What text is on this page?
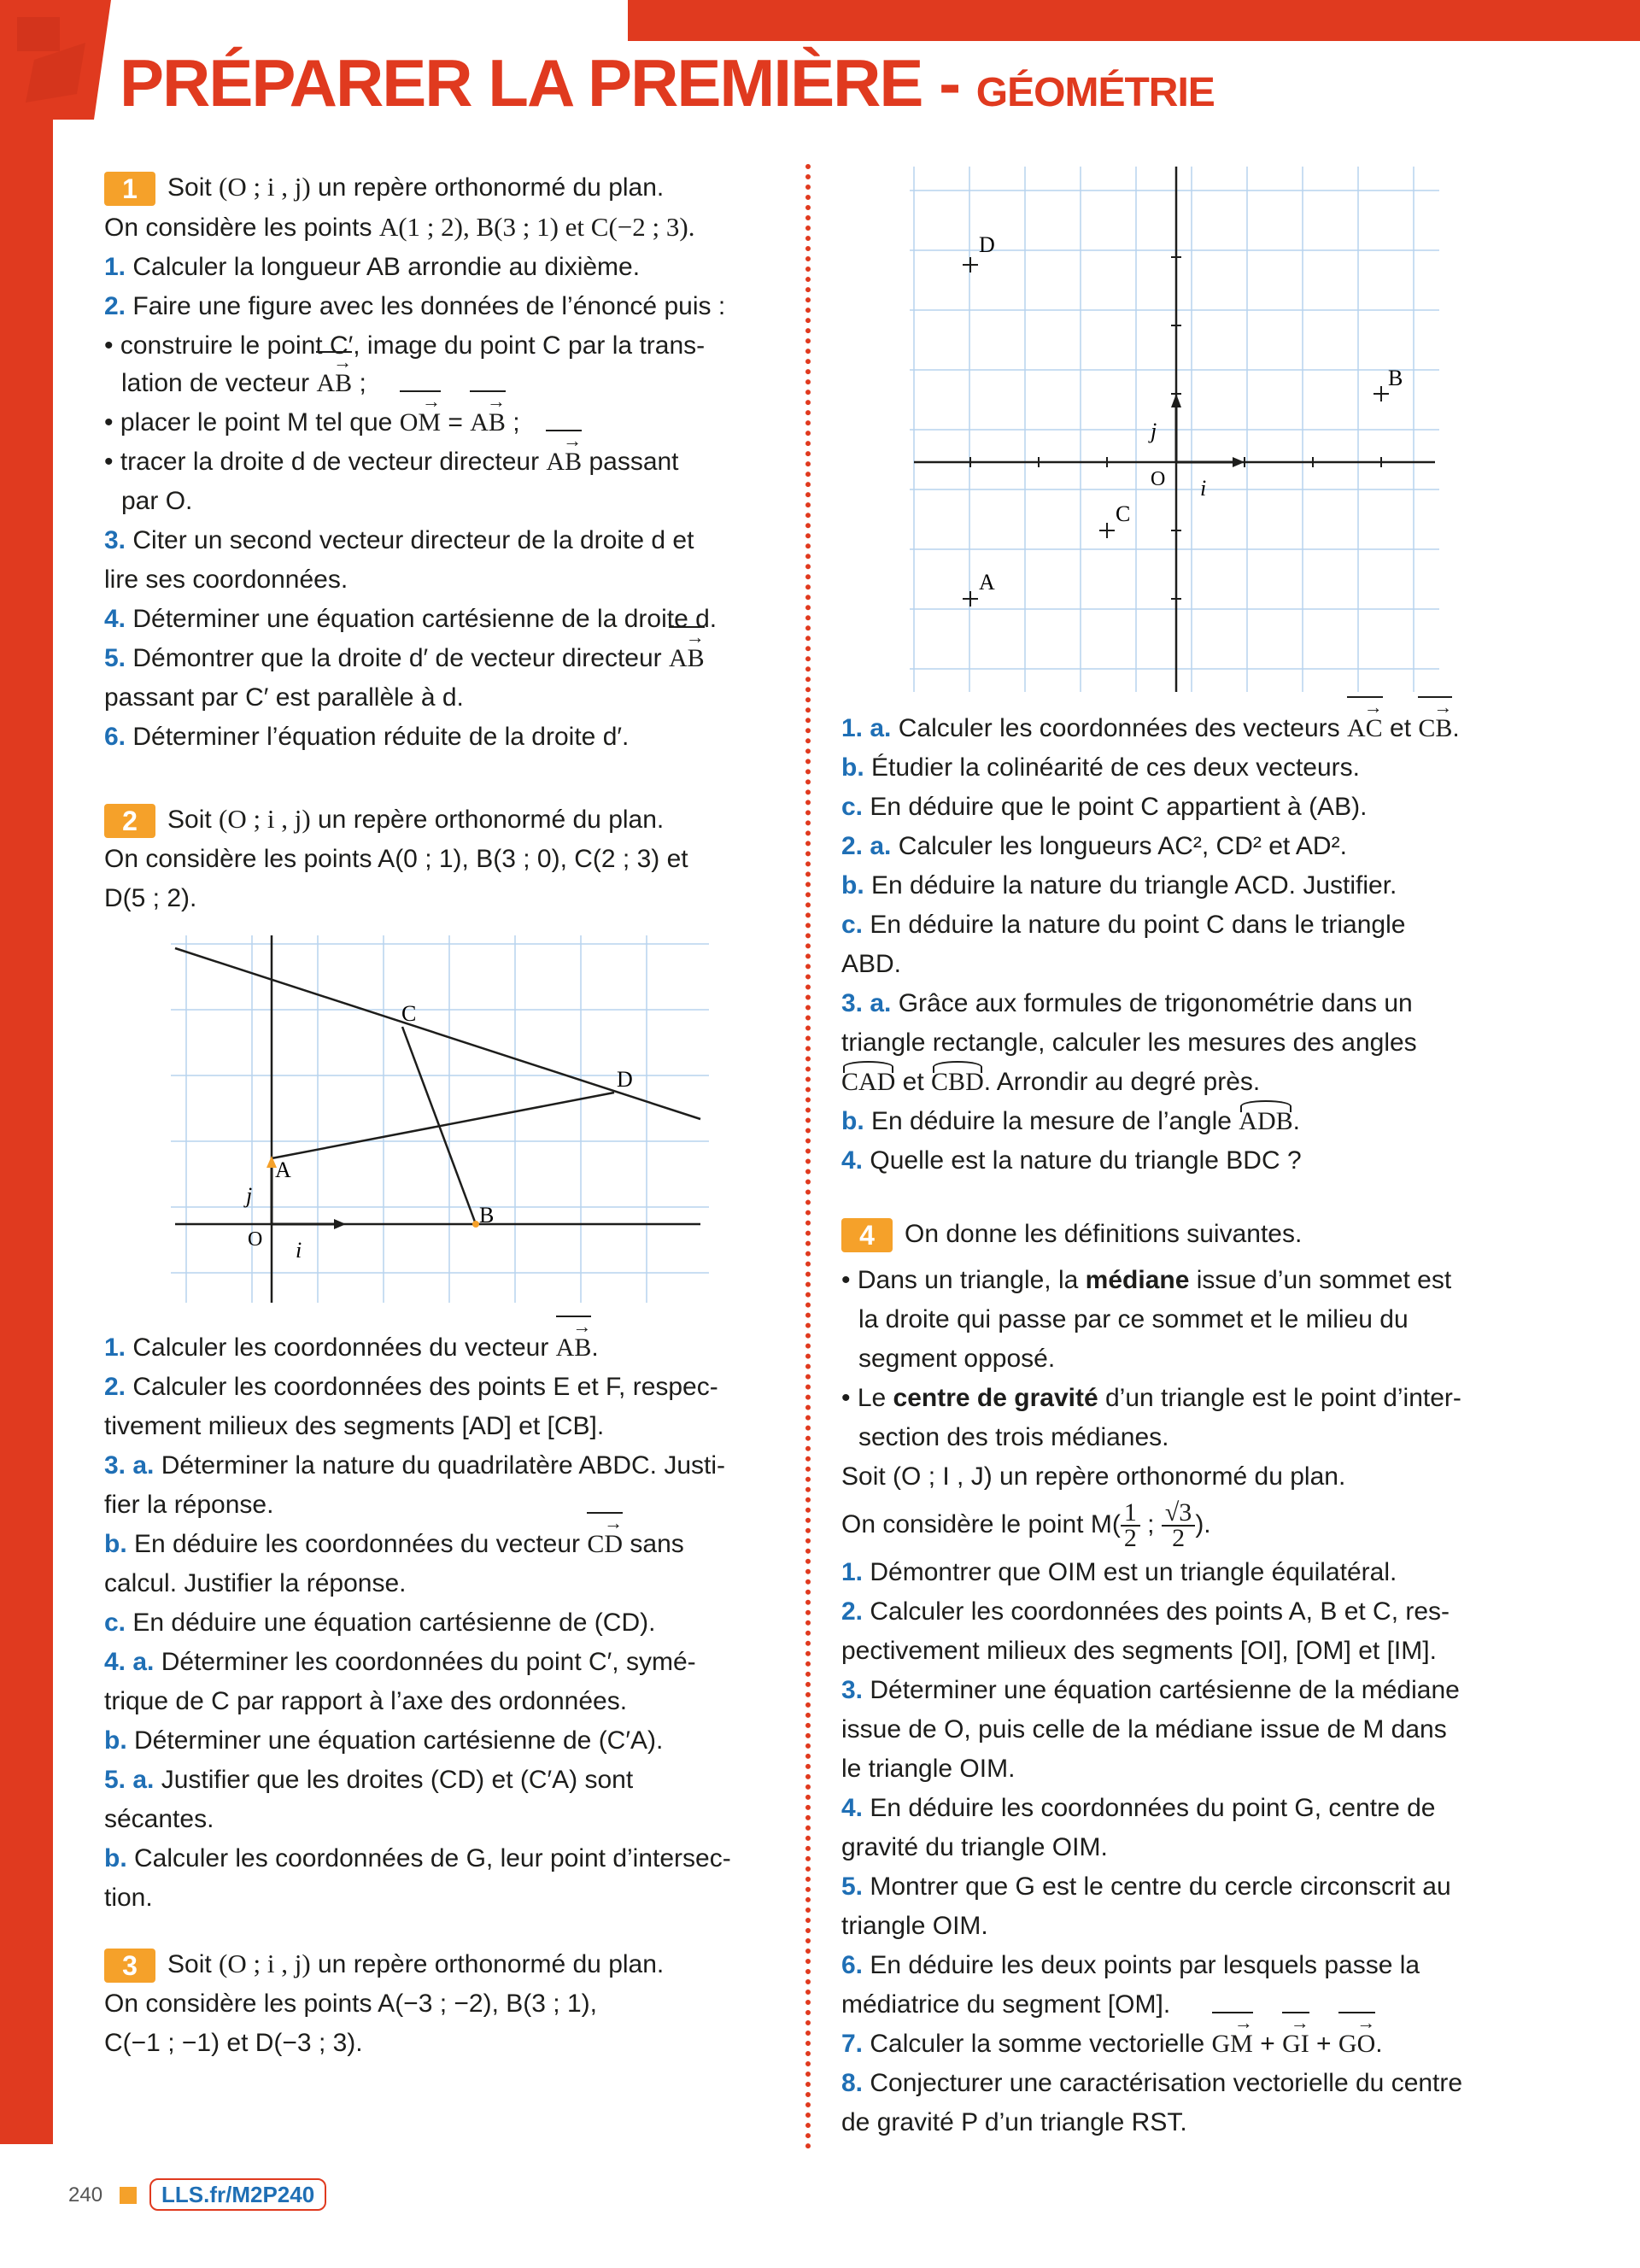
PRÉPARER LA PREMIÈRE - GÉOMÉTRIE

1 Soit (O ; i , j) un repère orthonormé du plan.

On considère les points A(1 ; 2), B(3 ; 1) et C(−2 ; 3).

1. Calculer la longueur AB arrondie au dixième.

2. Faire une figure avec les données de l’énoncé puis :

• construire le point C′, image du point C par la trans-

lation de vecteur → AB ;

• placer le point M tel que → OM = → AB ;

• tracer la droite d de vecteur directeur → AB passant

par O.

3. Citer un second vecteur directeur de la droite d et

lire ses coordonnées.

4. Déterminer une équation cartésienne de la droite d.

5. Démontrer que la droite d′ de vecteur directeur → AB

passant par C′ est parallèle à d.

6. Déterminer l’équation réduite de la droite d′.

2 Soit (O ; i , j) un repère orthonormé du plan.

On considère les points A(0 ; 1), B(3 ; 0), C(2 ; 3) et

D(5 ; 2).

C
D
A
B
O i
j

1. Calculer les coordonnées du vecteur → AB.

2. Calculer les coordonnées des points E et F, respec-

tivement milieux des segments [AD] et [CB].

3. a. Déterminer la nature du quadrilatère ABDC. Justi-

fier la réponse.

b. En déduire les coordonnées du vecteur → CD sans

calcul. Justifier la réponse.

c. En déduire une équation cartésienne de (CD).

4. a. Déterminer les coordonnées du point C′, symé-

trique de C par rapport à l’axe des ordonnées.

b. Déterminer une équation cartésienne de (C′A).

5. a. Justifier que les droites (CD) et (C′A) sont

sécantes.

b. Calculer les coordonnées de G, leur point d’intersec-

tion.

3 Soit (O ; i , j) un repère orthonormé du plan.

On considère les points A(−3 ; −2), B(3 ; 1),

C(−1 ; −1) et D(−3 ; 3).

D
B
C
A
O i
j

1. a. Calculer les coordonnées des vecteurs → AC et → CB.

b. Étudier la colinéarité de ces deux vecteurs.

c. En déduire que le point C appartient à (AB).

2. a. Calculer les longueurs AC², CD² et AD².

b. En déduire la nature du triangle ACD. Justifier.

c. En déduire la nature du point C dans le triangle

ABD.

3. a. Grâce aux formules de trigonométrie dans un

triangle rectangle, calculer les mesures des angles

CAD et CBD. Arrondir au degré près.

b. En déduire la mesure de l’angle ADB.

4. Quelle est la nature du triangle BDC ?

4 On donne les définitions suivantes.

• Dans un triangle, la médiane issue d’un sommet est

la droite qui passe par ce sommet et le milieu du

segment opposé.

• Le centre de gravité d’un triangle est le point d’inter-

section des trois médianes.

Soit (O ; I , J) un repère orthonormé du plan.

On considère le point $M( \frac{1}{2}$ ; $\frac{√3}{2}$ ).

1. Démontrer que OIM est un triangle équilatéral.

2. Calculer les coordonnées des points A, B et C, res-

pectivement milieux des segments [OI], [OM] et [IM].

3. Déterminer une équation cartésienne de la médiane

issue de O, puis celle de la médiane issue de M dans

le triangle OIM.

4. En déduire les coordonnées du point G, centre de

gravité du triangle OIM.

5. Montrer que G est le centre du cercle circonscrit au

triangle OIM.

6. En déduire les deux points par lesquels passe la

médiatrice du segment [OM].

7. Calculer la somme vectorielle → GM + → GI + → GO.

8. Conjecturer une caractérisation vectorielle du centre

de gravité P d’un triangle RST.

240	LLS.fr/M2P240
